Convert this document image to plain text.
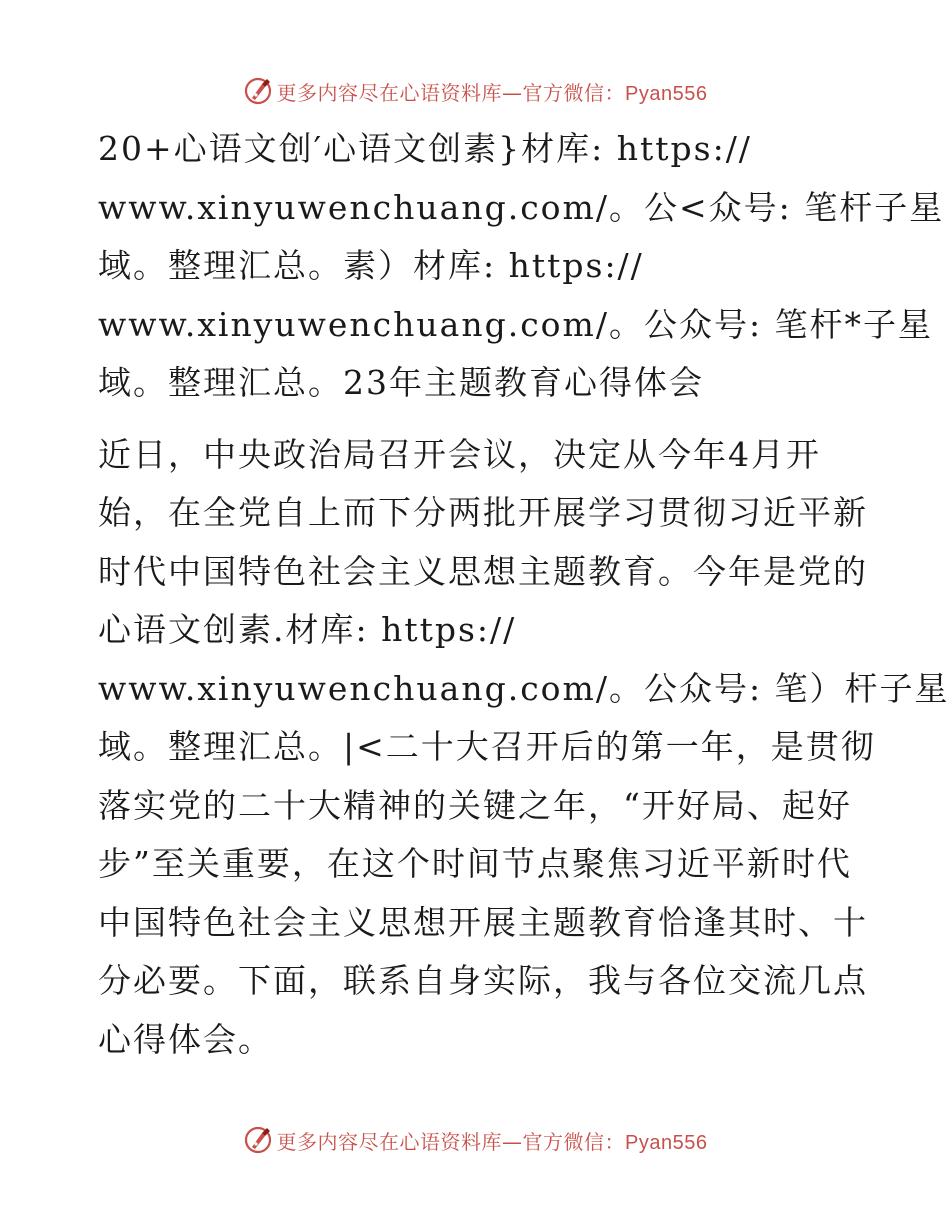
更多内容尽在心语资料库—官方微信：Pyan556
20+心语文创′心语文创素}材库: https://
www.xinyuwenchuang.com/。公<众号: 笔杆子星
域。整理汇总。素）材库: https://
www.xinyuwenchuang.com/。公众号: 笔杆*子星
域。整理汇总。23年主题教育心得体会
近日，中央政治局召开会议，决定从今年4月开
始，在全党自上而下分两批开展学习贯彻习近平新
时代中国特色社会主义思想主题教育。今年是党的
心语文创素.材库: https://
www.xinyuwenchuang.com/。公众号: 笔）杆子星
域。整理汇总。|<二十大召开后的第一年，是贯彻
落实党的二十大精神的关键之年，“开好局、起好
步”至关重要，在这个时间节点聚焦习近平新时代
中国特色社会主义思想开展主题教育恰逢其时、十
分必要。下面，联系自身实际，我与各位交流几点
心得体会。
更多内容尽在心语资料库—官方微信：Pyan556
